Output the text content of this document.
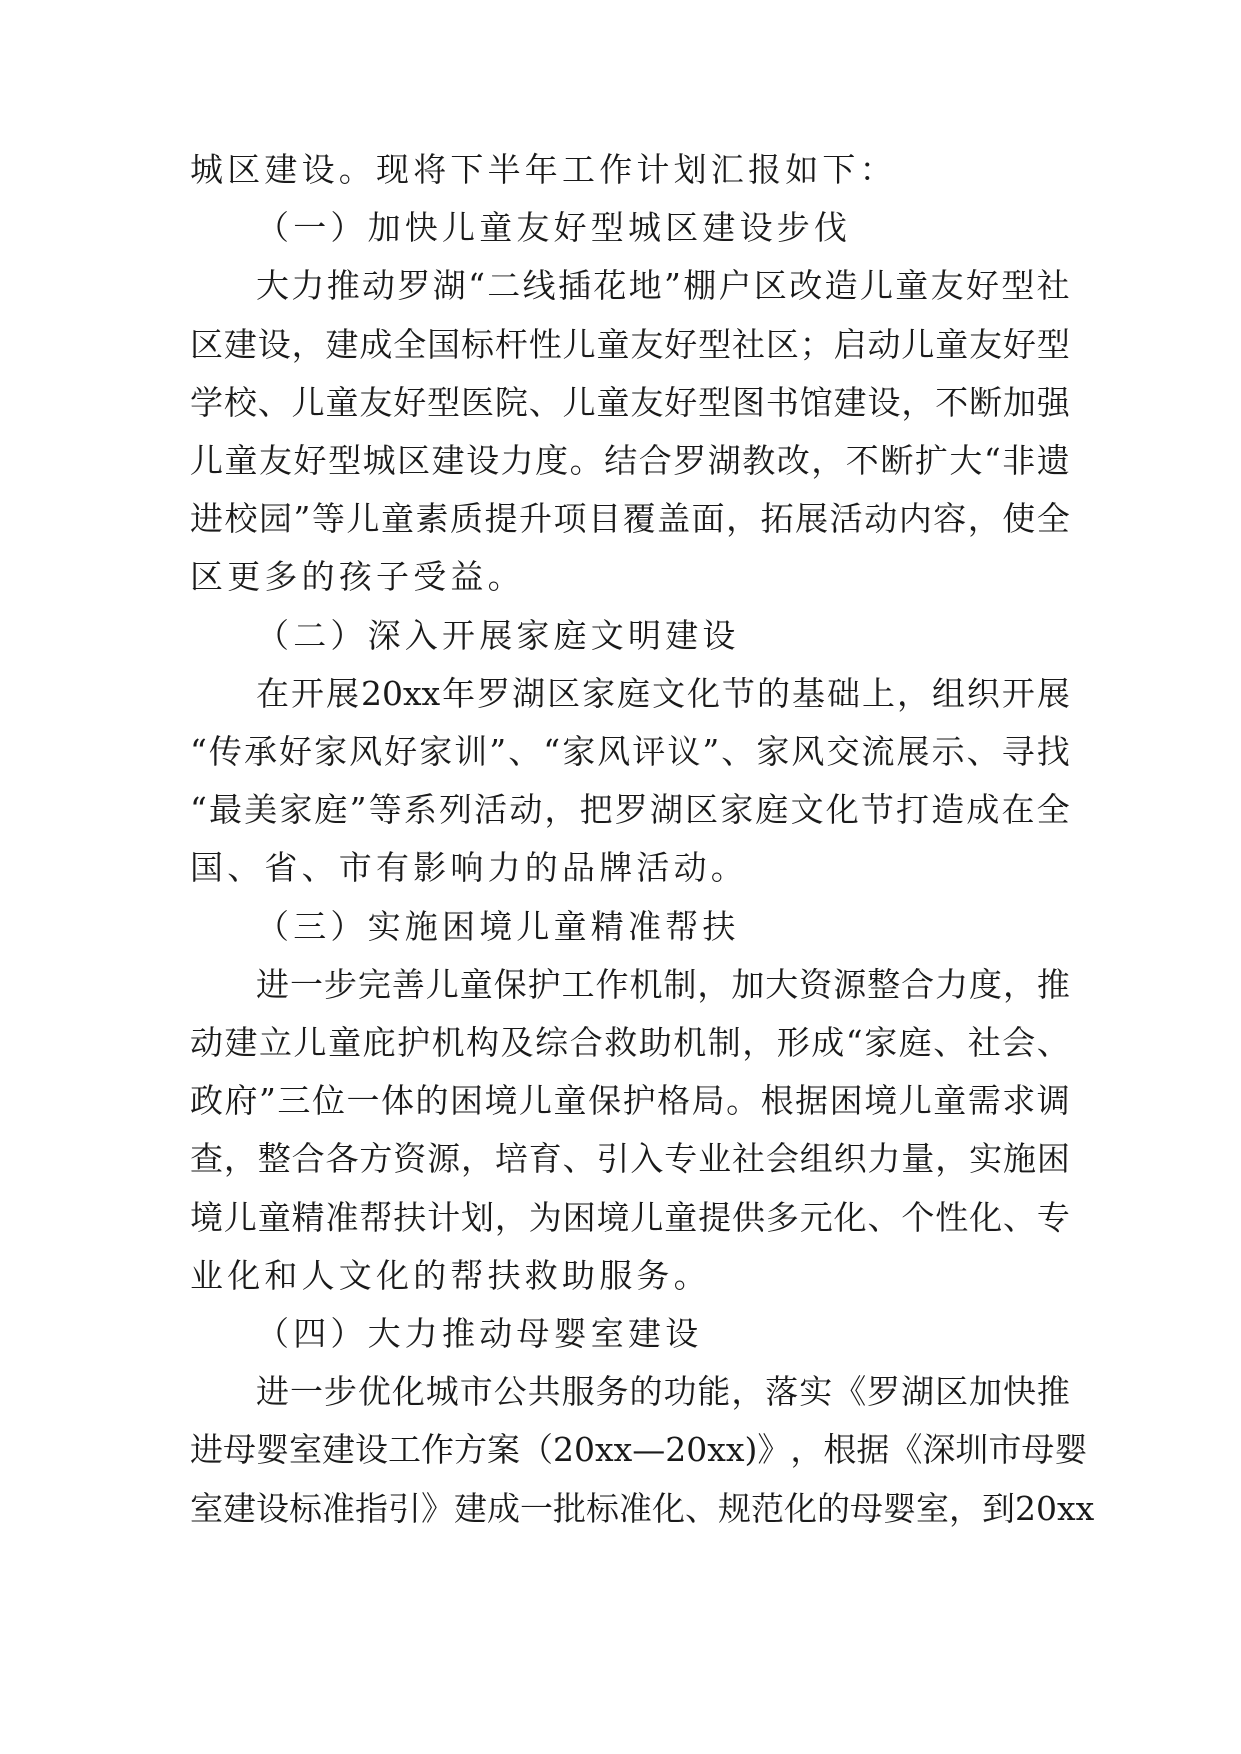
城区建设。现将下半年工作计划汇报如下：
（一）加快儿童友好型城区建设步伐
大 力 推 动 罗 湖 “ 二 线 插 花 地 ” 棚 户 区 改 造 儿 童 友 好 型 社
区 建 设 ， 建 成 全 国 标 杆 性 儿 童 友 好 型 社 区 ； 启 动 儿 童 友 好 型
学 校 、 儿 童 友 好 型 医 院 、 儿 童 友 好 型 图 书 馆 建 设 ， 不 断 加 强
儿 童 友 好 型 城 区 建 设 力 度 。 结 合 罗 湖 教 改 ， 不 断 扩 大 “ 非 遗
进 校 园 ” 等 儿 童 素 质 提 升 项 目 覆 盖 面 ， 拓 展 活 动 内 容 ， 使 全
区更多的孩子受益。
（二）深入开展家庭文明建设
在 开 展 20xx 年 罗 湖 区 家 庭 文 化 节 的 基 础 上 ， 组 织 开 展
“ 传 承 好 家 风 好 家 训 ” 、 “ 家 风 评 议 ” 、 家 风 交 流 展 示 、 寻 找
“ 最 美 家 庭 ” 等 系 列 活 动 ， 把 罗 湖 区 家 庭 文 化 节 打 造 成 在 全
国、省、市有影响力的品牌活动。
（三）实施困境儿童精准帮扶
进 一 步 完 善 儿 童 保 护 工 作 机 制 ， 加 大 资 源 整 合 力 度 ， 推
动 建 立 儿 童 庇 护 机 构 及 综 合 救 助 机 制 ， 形 成 “ 家 庭 、 社 会 、
政 府 ” 三 位 一 体 的 困 境 儿 童 保 护 格 局 。 根 据 困 境 儿 童 需 求 调
查 ， 整 合 各 方 资 源 ， 培 育 、 引 入 专 业 社 会 组 织 力 量 ， 实 施 困
境 儿 童 精 准 帮 扶 计 划 ， 为 困 境 儿 童 提 供 多 元 化 、 个 性 化 、 专
业化和人文化的帮扶救助服务。
（四）大力推动母婴室建设
进 一 步 优 化 城 市 公 共 服 务 的 功 能 ， 落 实 《 罗 湖 区 加 快 推
进 母 婴 室 建 设 工 作 方 案 （ 20xx — 20xx ) 》 ， 根 据 《 深 圳 市 母 婴
室 建 设 标 准 指 引 》 建 成 一 批 标 准 化 、 规 范 化 的 母 婴 室 ， 到 20xx
